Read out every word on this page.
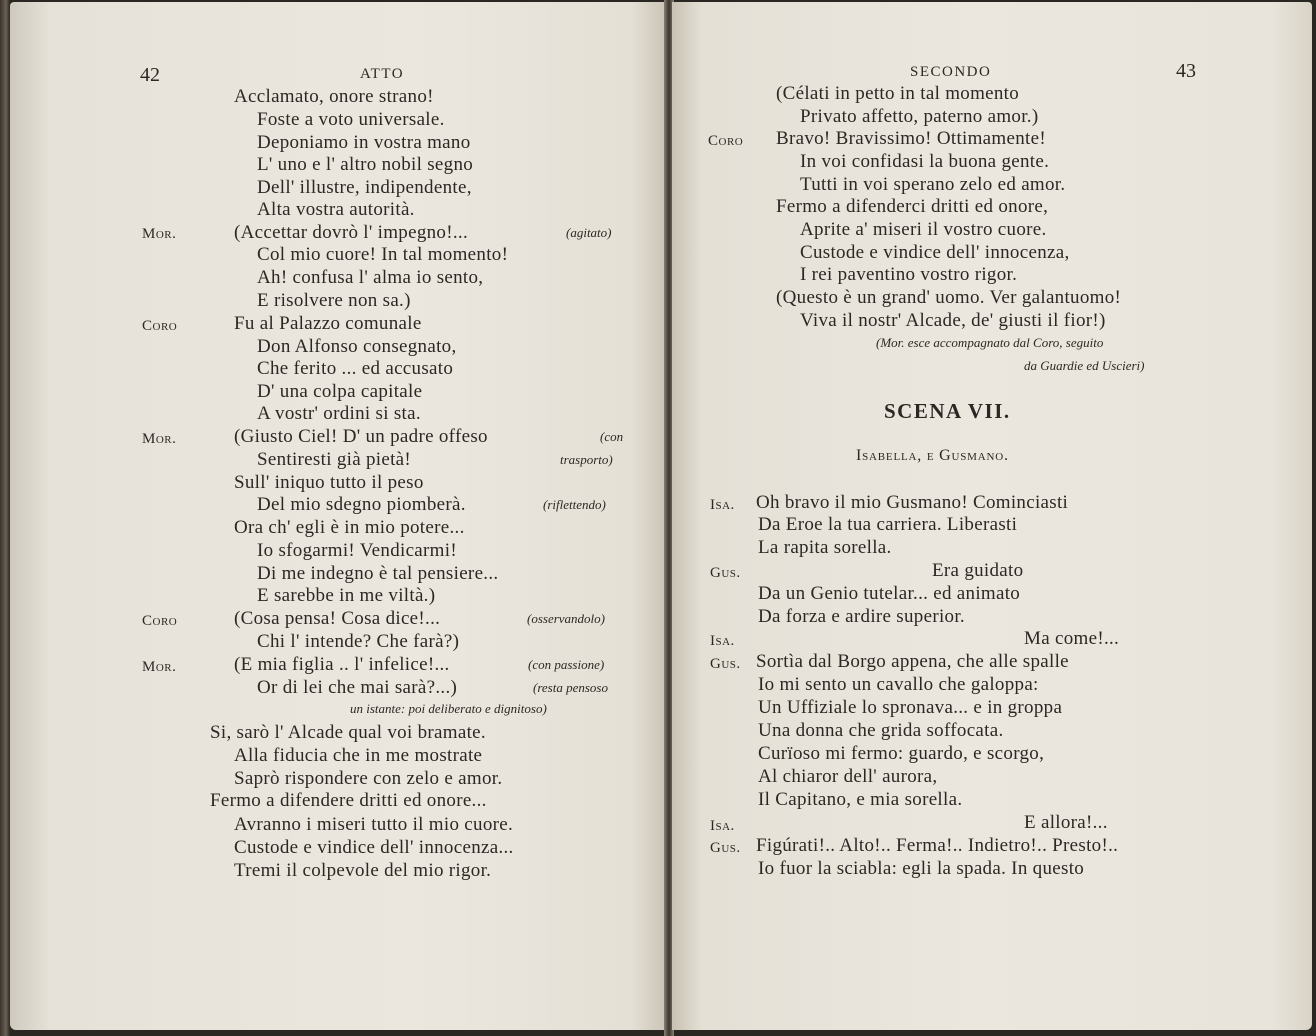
42	ATTO
Acclamato, onore strano!
Foste a voto universale.
Deponiamo in vostra mano
L' uno e l' altro nobil segno
Dell' illustre, indipendente,
Alta vostra autorità.
Mor.	(Accettar dovrò l' impegno!...	(agitato)
Col mio cuore! In tal momento!
Ah! confusa l' alma io sento,
E risolvere non sa.)
Coro	Fu al Palazzo comunale
Don Alfonso consegnato,
Che ferito ... ed accusato
D' una colpa capitale
A vostr' ordini si sta.
Mor.	(Giusto Ciel! D' un padre offeso	(con
Sentiresti già pietà!	trasporto)
Sull' iniquo tutto il peso
Del mio sdegno piomberà.	(riflettendo)
Ora ch' egli è in mio potere...
Io sfogarmi! Vendicarmi!
Di me indegno è tal pensiere...
E sarebbe in me viltà.)
Coro	(Cosa pensa! Cosa dice!...	(osservandolo)
Chi l' intende? Che farà?)
Mor.	(E mia figlia .. l' infelice!...	(con passione)
Or di lei che mai sarà?...)	(resta pensoso
un istante: poi deliberato e dignitoso)
Si, sarò l' Alcade qual voi bramate.
Alla fiducia che in me mostrate
Saprò rispondere con zelo e amor.
Fermo a difendere dritti ed onore...
Avranno i miseri tutto il mio cuore.
Custode e vindice dell' innocenza...
Tremi il colpevole del mio rigor.
SECONDO	43
(Célati in petto in tal momento
Privato affetto, paterno amor.)
Coro Bravo! Bravissimo! Ottimamente!
In voi confidasi la buona gente.
Tutti in voi sperano zelo ed amor.
Fermo a difenderci dritti ed onore,
Aprite a' miseri il vostro cuore.
Custode e vindice dell' innocenza,
I rei paventino vostro rigor.
(Questo è un grand' uomo. Ver galantuomo!
Viva il nostr' Alcade, de' giusti il fior!)
(Mor. esce accompagnato dal Coro, seguito
da Guardie ed Uscieri)
SCENA VII.
Isabella, e Gusmano.
Isa. Oh bravo il mio Gusmano! Cominciasti
Da Eroe la tua carriera. Liberasti
La rapita sorella.
Gus.	Era guidato
Da un Genio tutelar... ed animato
Da forza e ardire superior.
Isa.	Ma come!...
Gus. Sortìa dal Borgo appena, che alle spalle
Io mi sento un cavallo che galoppa:
Un Uffiziale lo spronava... e in groppa
Una donna che grida soffocata.
Curïoso mi fermo: guardo, e scorgo,
Al chiaror dell' aurora,
Il Capitano, e mia sorella.
Isa.	E allora!...
Gus. Figúrati!.. Alto!.. Ferma!.. Indietro!.. Presto!..
Io fuor la sciabla: egli la spada. In questo
